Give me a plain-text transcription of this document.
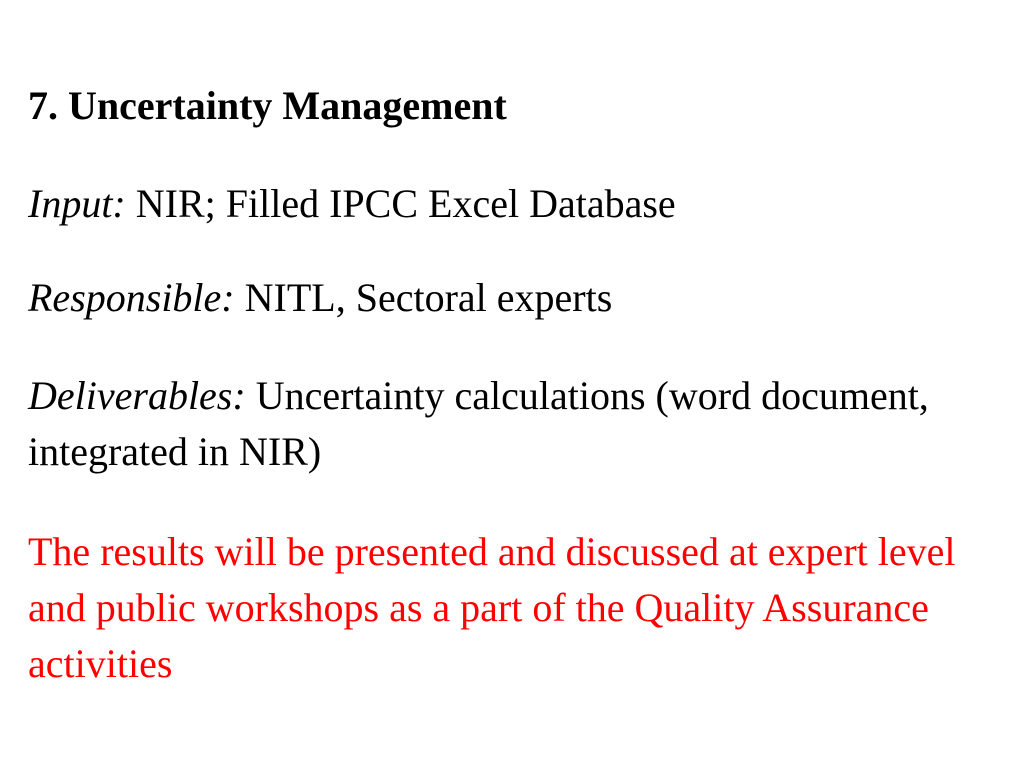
7. Uncertainty Management

Input: NIR; Filled IPCC Excel Database

Responsible: NITL, Sectoral experts

Deliverables: Uncertainty calculations (word document, integrated in NIR)

The results will be presented and discussed at expert level and public workshops as a part of the Quality Assurance activities
